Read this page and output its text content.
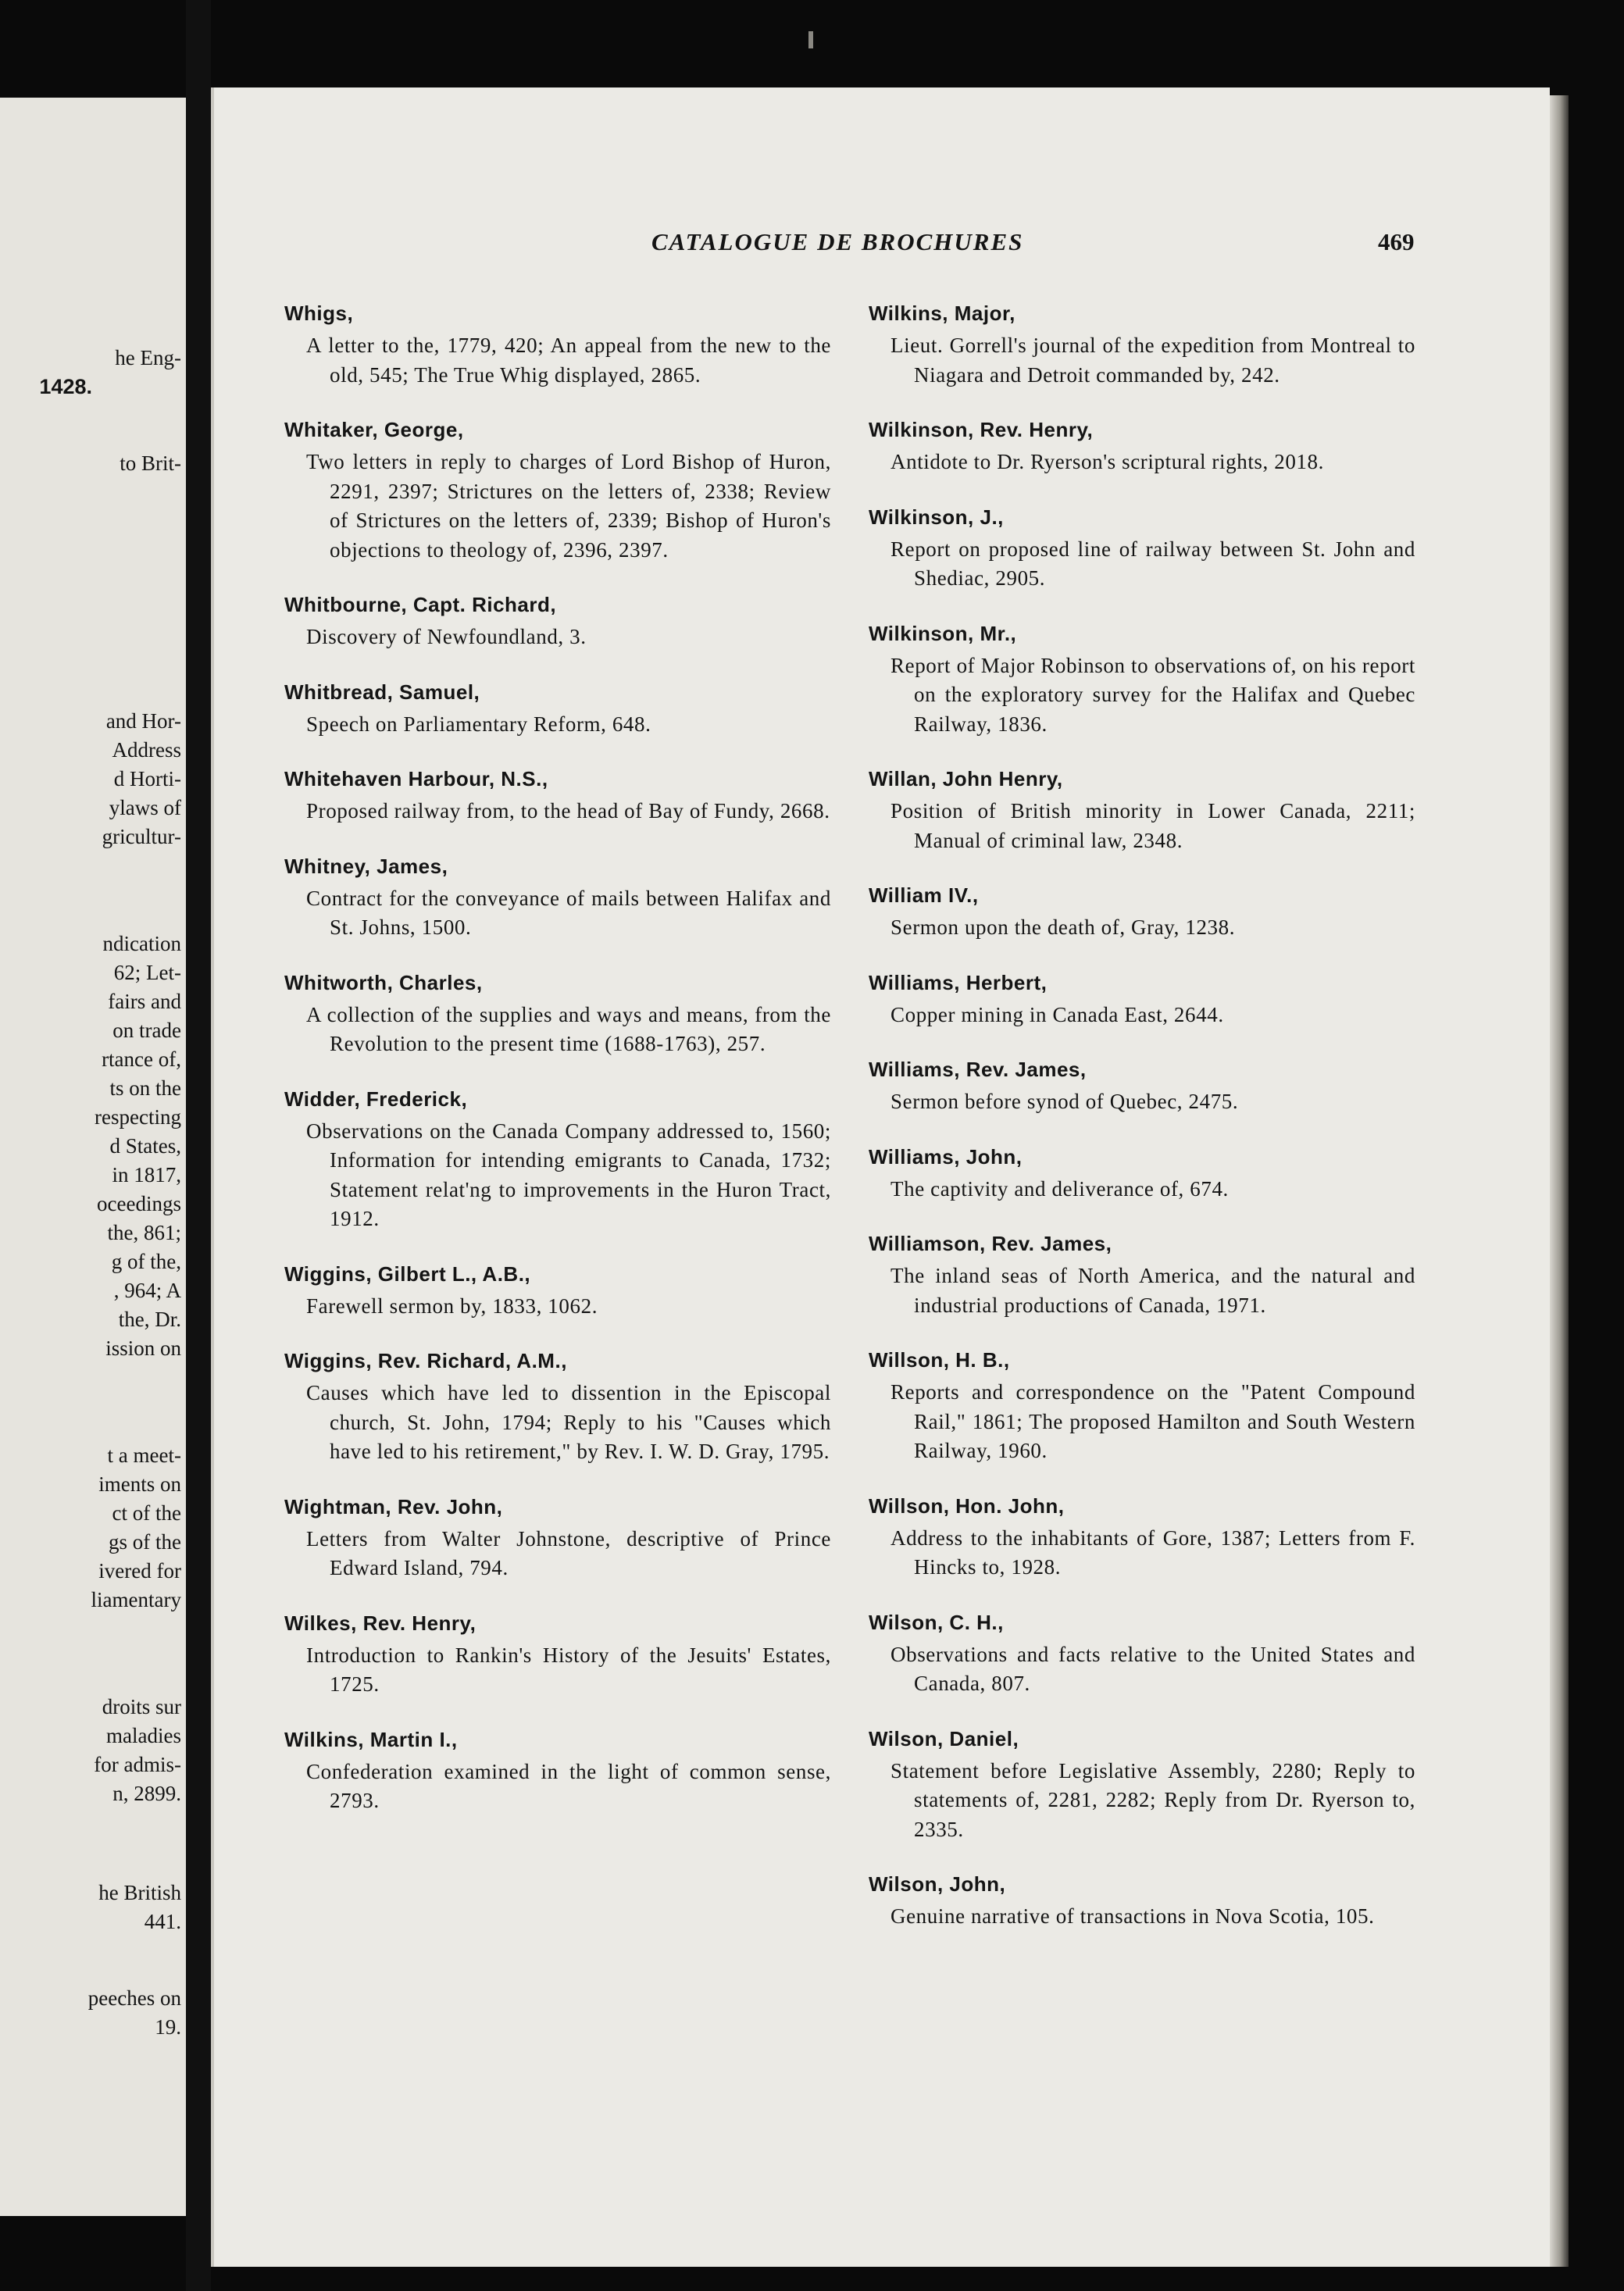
he Eng-
1428.
to Brit-
and Hor-
Address
d Horti-
ylaws of
gricultur-
ndication
62; Let-
fairs and
on trade
rtance of,
ts on the
respecting
d States,
in 1817,
oceedings
the, 861;
g of the,
, 964; A
the, Dr.
ission on
t a meet-
iments on
ct of the
gs of the
ivered for
liamentary
droits sur
maladies
for admis-
n, 2899.
he British
441.
peeches on
19.
CATALOGUE DE BROCHURES	469
Whigs,
A letter to the, 1779, 420; An appeal from the new to the old, 545; The True Whig displayed, 2865.
Whitaker, George,
Two letters in reply to charges of Lord Bishop of Huron, 2291, 2397; Strictures on the letters of, 2338; Review of Strictures on the letters of, 2339; Bishop of Huron's objections to theology of, 2396, 2397.
Whitbourne, Capt. Richard,
Discovery of Newfoundland, 3.
Whitbread, Samuel,
Speech on Parliamentary Reform, 648.
Whitehaven Harbour, N.S.,
Proposed railway from, to the head of Bay of Fundy, 2668.
Whitney, James,
Contract for the conveyance of mails between Halifax and St. Johns, 1500.
Whitworth, Charles,
A collection of the supplies and ways and means, from the Revolution to the present time (1688-1763), 257.
Widder, Frederick,
Observations on the Canada Company addressed to, 1560; Information for intending emigrants to Canada, 1732; Statement relat'ng to improvements in the Huron Tract, 1912.
Wiggins, Gilbert L., A.B.,
Farewell sermon by, 1833, 1062.
Wiggins, Rev. Richard, A.M.,
Causes which have led to dissention in the Episcopal church, St. John, 1794; Reply to his "Causes which have led to his retirement," by Rev. I. W. D. Gray, 1795.
Wightman, Rev. John,
Letters from Walter Johnstone, descriptive of Prince Edward Island, 794.
Wilkes, Rev. Henry,
Introduction to Rankin's History of the Jesuits' Estates, 1725.
Wilkins, Martin I.,
Confederation examined in the light of common sense, 2793.
Wilkins, Major,
Lieut. Gorrell's journal of the expedition from Montreal to Niagara and Detroit commanded by, 242.
Wilkinson, Rev. Henry,
Antidote to Dr. Ryerson's scriptural rights, 2018.
Wilkinson, J.,
Report on proposed line of railway between St. John and Shediac, 2905.
Wilkinson, Mr.,
Report of Major Robinson to observations of, on his report on the exploratory survey for the Halifax and Quebec Railway, 1836.
Willan, John Henry,
Position of British minority in Lower Canada, 2211; Manual of criminal law, 2348.
William IV.,
Sermon upon the death of, Gray, 1238.
Williams, Herbert,
Copper mining in Canada East, 2644.
Williams, Rev. James,
Sermon before synod of Quebec, 2475.
Williams, John,
The captivity and deliverance of, 674.
Williamson, Rev. James,
The inland seas of North America, and the natural and industrial productions of Canada, 1971.
Willson, H. B.,
Reports and correspondence on the "Patent Compound Rail," 1861; The proposed Hamilton and South Western Railway, 1960.
Willson, Hon. John,
Address to the inhabitants of Gore, 1387; Letters from F. Hincks to, 1928.
Wilson, C. H.,
Observations and facts relative to the United States and Canada, 807.
Wilson, Daniel,
Statement before Legislative Assembly, 2280; Reply to statements of, 2281, 2282; Reply from Dr. Ryerson to, 2335.
Wilson, John,
Genuine narrative of transactions in Nova Scotia, 105.
